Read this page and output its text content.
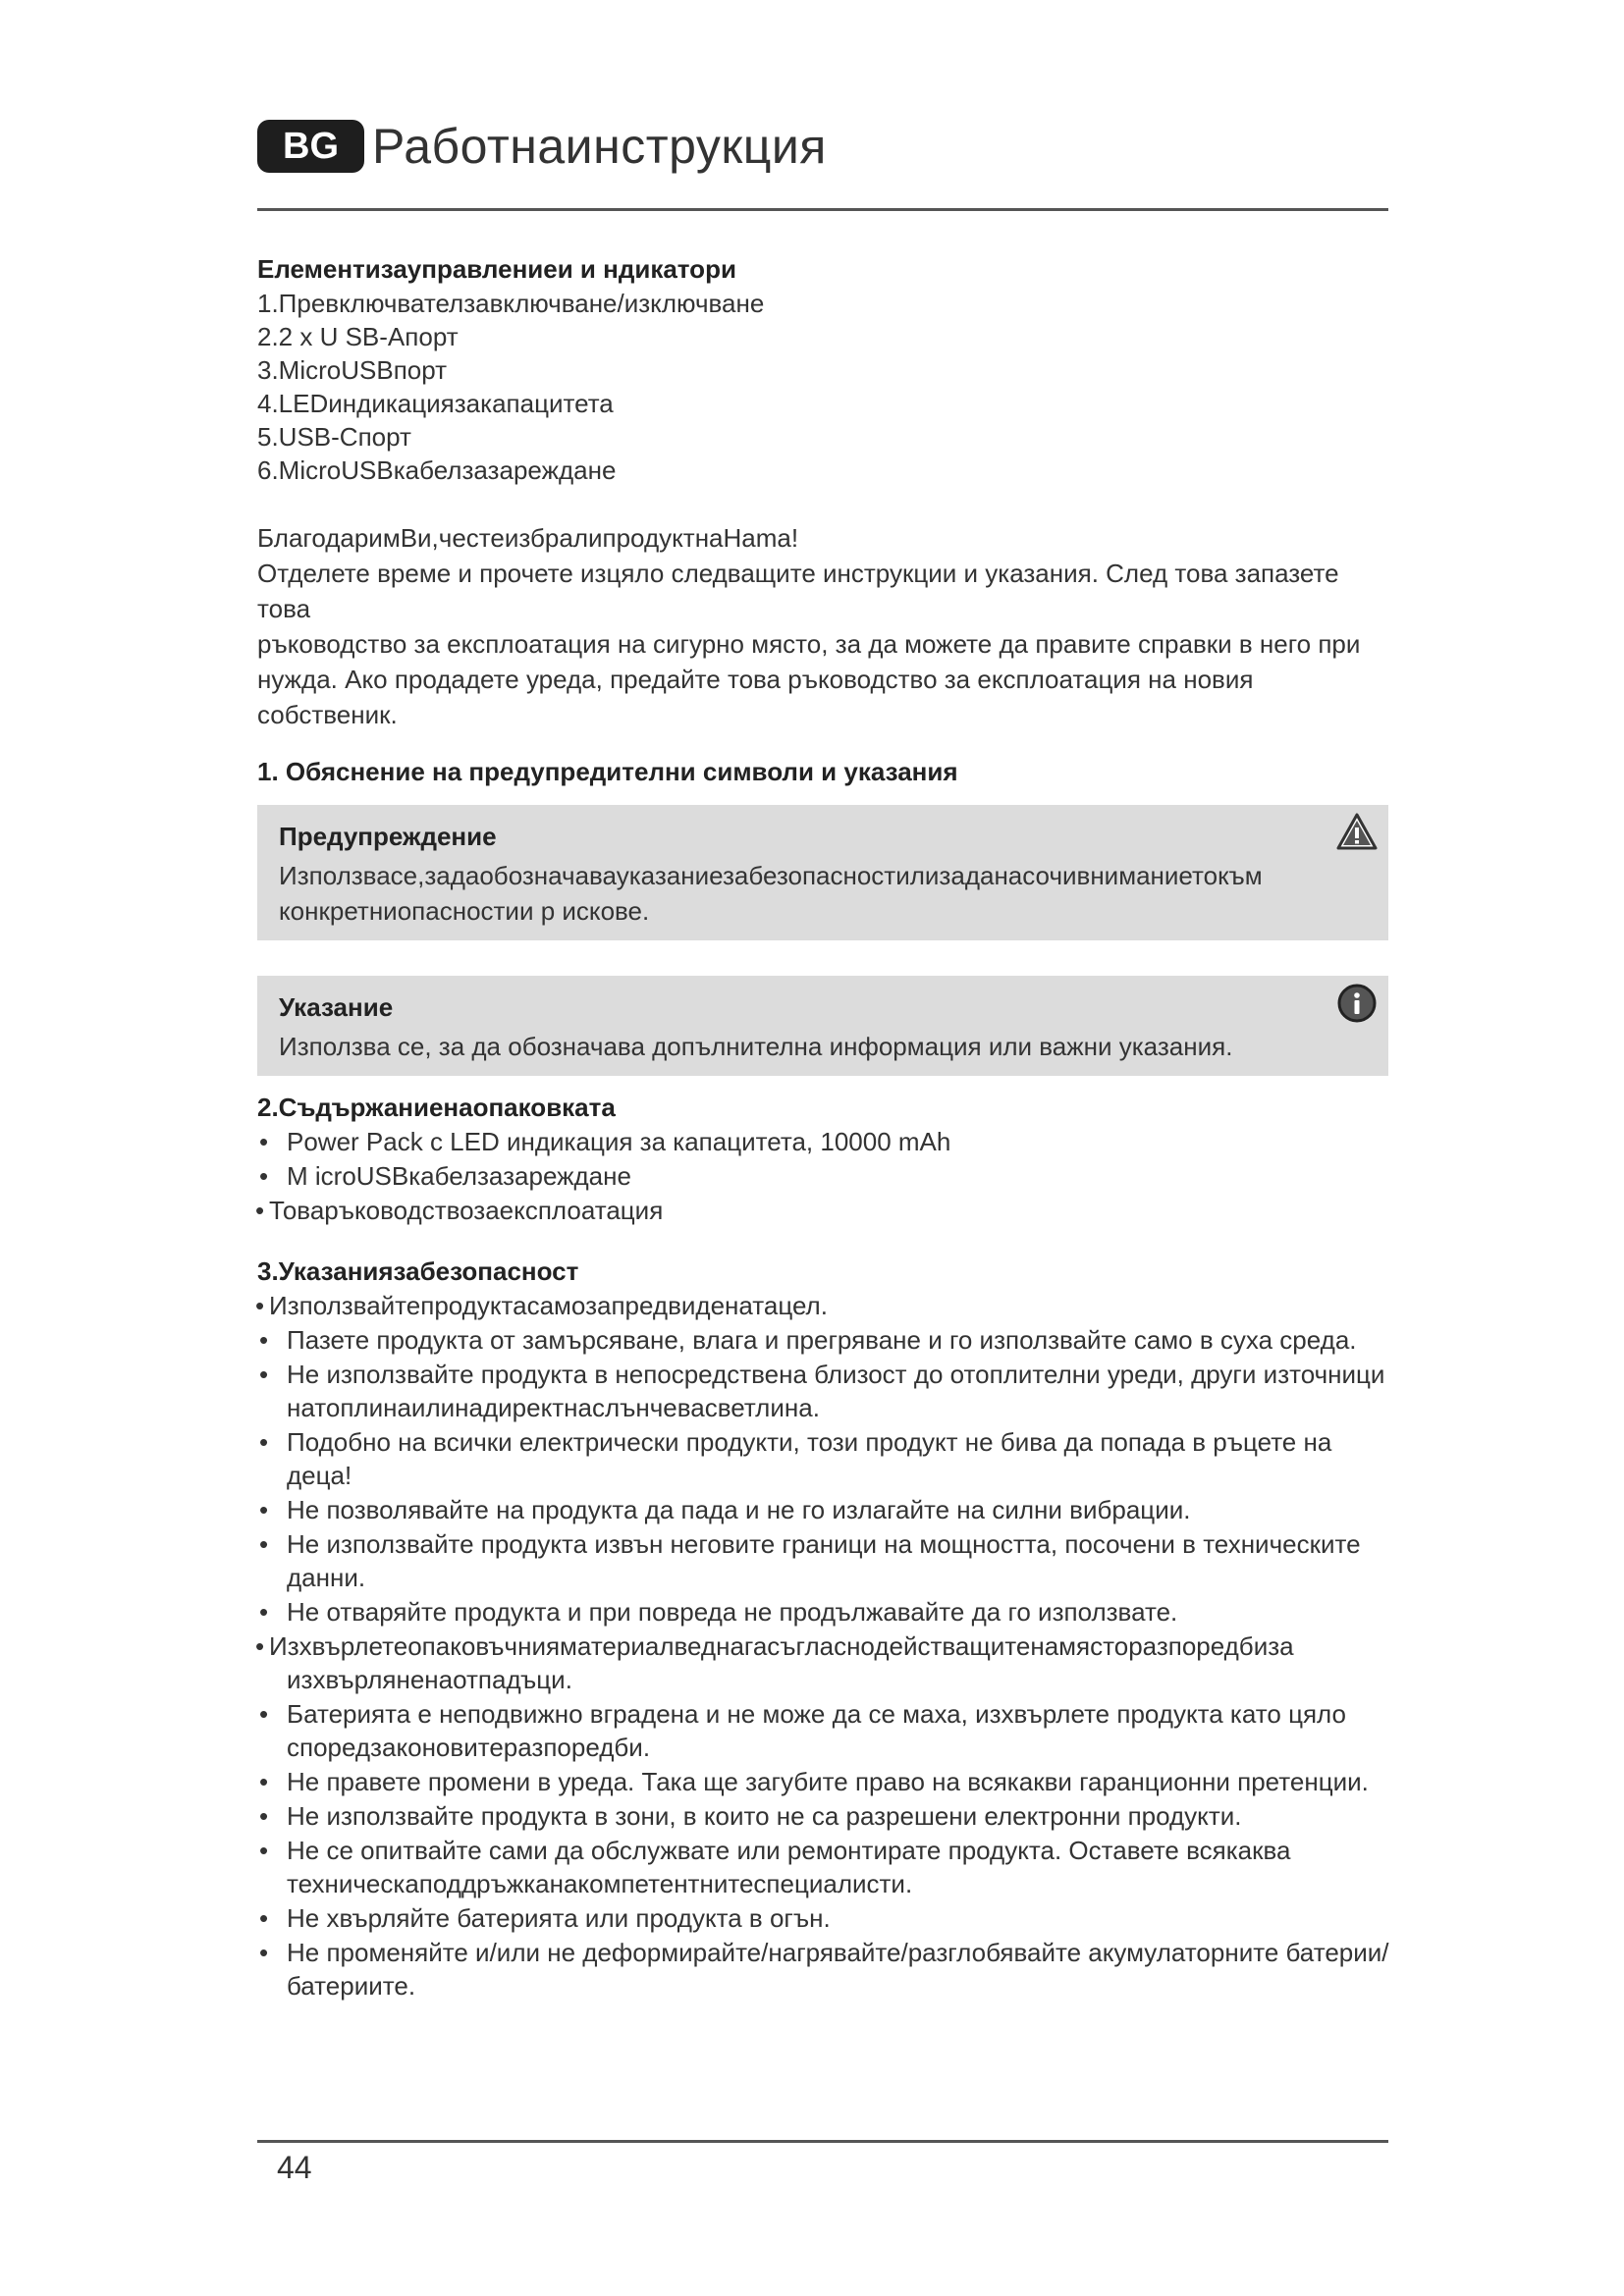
BG Работнаинструкция

Елементизауправлениеи и ндикатори

1.Превключвателзавключване/изключване

2.2 x U SB-Апорт

3.MicroUSBпорт

4.LEDиндикациязакапацитета

5.USB-Спорт

6.MicroUSBкабелзазареждане

БлагодаримВи,честеизбралипродуктнаHama!

Отделете време и прочете изцяло следващите инструкции и указания. След това запазете това

ръководство за експлоатация на сигурно място, за да можете да правите справки в него при

нужда. Ако продадете уреда, предайте това ръководство за експлоатация на новия собственик.

1. Обяснение на предупредителни символи и указания

Предупреждение

Използвасе,задаобозначавауказаниезабезопасностилизаданасочивниманиетокъм

конкретниопасностии р искове.

Указание

Използва се, за да обозначава допълнителна информация или важни указания.

2.Съдържаниенаопаковката

• Power Pack с LED индикация за капацитета, 10000 mAh
• M icroUSBкабелзазареждане
• Товаръководствозаексплоатация

3.Указаниязабезопасност

• Използвайтепродуктасамозапредвиденатацел.
• Пазете продукта от замърсяване, влага и прегряване и го използвайте само в суха среда.
• Не използвайте продукта в непосредствена близост до отоплителни уреди, други източници
натоплинаилинадиректнаслънчевасветлина.
• Подобно на всички електрически продукти, този продукт не бива да попада в ръцете на
деца!
• Не позволявайте на продукта да пада и не го излагайте на силни вибрации.
• Не използвайте продукта извън неговите граници на мощността, посочени в техническите
данни.
• Не отваряйте продукта и при повреда не продължавайте да го използвате.
• Изхвърлетеопаковъчнияматериалведнагасъгласнодействащитенамясторазпоредбиза
изхвърляненаотпадъци.
• Батерията е неподвижно вградена и не може да се маха, изхвърлете продукта като цяло
споредзаконовитеразпоредби.
• Не правете промени в уреда. Така ще загубите право на всякакви гаранционни претенции.
• Не използвайте продукта в зони, в които не са разрешени електронни продукти.
• Не се опитвайте сами да обслужвате или ремонтирате продукта. Оставете всякаква
техническаподдръжканакомпетентнитеспециалисти.
• Не хвърляйте батерията или продукта в огън.
• Не променяйте и/или не деформирайте/нагрявайте/разглобявайте акумулаторните батерии/
батериите.
44
